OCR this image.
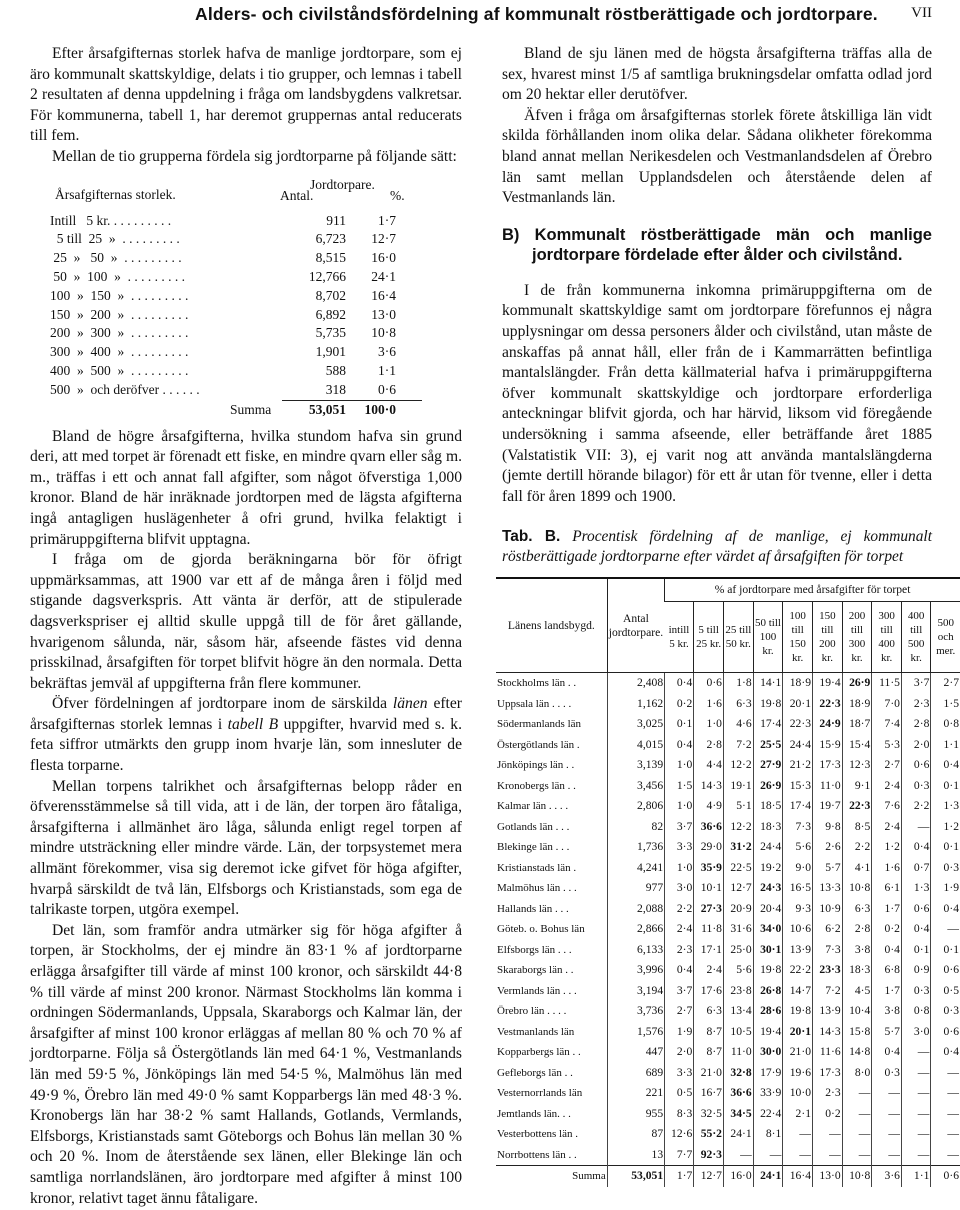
Alders- och civilståndsfördelning af kommunalt röstberättigade och jordtorpare. VII

Efter årsafgifternas storlek hafva de manlige jordtorpare, som ej äro kommunalt skattskyldige, delats i tio grupper, och lemnas i tabell 2 resultaten af denna uppdelning i fråga om landsbygdens valkretsar. För kommunerna, tabell 1, har deremot gruppernas antal reducerats till fem.

Mellan de tio grupperna fördela sig jordtorparne på följande sätt:

Jordtorpare.
Årsafgifternas storlek.	Antal.	%.
Intill   5 kr. . . . . . . . . .	911 1·7
5 till  25  »  . . . . . . . . .	6,723 12·7
25  »   50  »  . . . . . . . . .	8,515 16·0
50  »  100  »  . . . . . . . . .	12,766 24·1
100  »  150  »  . . . . . . . . .	8,702 16·4
150  »  200  »  . . . . . . . . .	6,892 13·0
200  »  300  »  . . . . . . . . .	5,735 10·8
300  »  400  »  . . . . . . . . .	1,901 3·6
400  »  500  »  . . . . . . . . .	588 1·1
500  »  och deröfver . . . . . .	318 0·6
Summa	53,051 100·0

Bland de högre årsafgifterna, hvilka stundom hafva sin grund deri, att med torpet är förenadt ett fiske, en mindre qvarn eller såg m. m., träffas i ett och annat fall afgifter, som något öfverstiga 1,000 kronor. Bland de här inräknade jordtorpen med de lägsta afgifterna ingå antagligen huslägenheter å ofri grund, hvilka felaktigt i primäruppgifterna blifvit upptagna.

I fråga om de gjorda beräkningarna bör för öfrigt uppmärksammas, att 1900 var ett af de många åren i följd med stigande dagsverkspris. Att vänta är derför, att de stipulerade dagsverkspriser ej alltid skulle uppgå till de för året gällande, hvarigenom sålunda, när, såsom här, afseende fästes vid denna prisskilnad, årsafgiften för torpet blifvit högre än den normala. Detta bekräftas jemväl af uppgifterna från flere kommuner.

Öfver fördelningen af jordtorpare inom de särskilda länen efter årsafgifternas storlek lemnas i tabell B uppgifter, hvarvid med s. k. feta siffror utmärkts den grupp inom hvarje län, som innesluter de flesta torparne.

Mellan torpens talrikhet och årsafgifternas belopp råder en öfverensstämmelse så till vida, att i de län, der torpen äro fåtaliga, årsafgifterna i allmänhet äro låga, sålunda enligt regel torpen af mindre utsträckning eller mindre värde. Län, der torpsystemet mera allmänt förekommer, visa sig deremot icke gifvet för höga afgifter, hvarpå särskildt de två län, Elfsborgs och Kristianstads, som ega de talrikaste torpen, utgöra exempel.

Det län, som framför andra utmärker sig för höga afgifter å torpen, är Stockholms, der ej mindre än 83·1 % af jordtorparne erlägga årsafgifter till värde af minst 100 kronor, och särskildt 44·8 % till värde af minst 200 kronor. Närmast Stockholms län komma i ordningen Södermanlands, Uppsala, Skaraborgs och Kalmar län, der årsafgifter af minst 100 kronor erläggas af mellan 80 % och 70 % af jordtorparne. Följa så Östergötlands län med 64·1 %, Vestmanlands län med 59·5 %, Jönköpings län med 54·5 %, Malmöhus län med 49·9 %, Örebro län med 49·0 % samt Kopparbergs län med 48·3 %. Kronobergs län har 38·2 % samt Hallands, Gotlands, Vermlands, Elfsborgs, Kristianstads samt Göteborgs och Bohus län mellan 30 % och 20 %. Inom de återstående sex länen, eller Blekinge län och samtliga norrlandslänen, äro jordtorpare med afgifter å minst 100 kronor, relativt taget ännu fåtaligare.

Bland de sju länen med de högsta årsafgifterna träffas alla de sex, hvarest minst 1/5 af samtliga brukningsdelar omfatta odlad jord om 20 hektar eller derutöfver.

Äfven i fråga om årsafgifternas storlek förete åtskilliga län vidt skilda förhållanden inom olika delar. Sådana olikheter förekomma bland annat mellan Nerikesdelen och Vestmanlandsdelen af Örebro län samt mellan Upplandsdelen och återstående delen af Vestmanlands län.

B) Kommunalt röstberättigade män och manlige jordtorpare fördelade efter ålder och civilstånd.

I de från kommunerna inkomna primäruppgifterna om de kommunalt skattskyldige samt om jordtorpare förefunnos ej några upplysningar om dessa personers ålder och civilstånd, utan måste de anskaffas på annat håll, eller från de i Kammarrätten befintliga mantalslängder. Från detta källmaterial hafva i primäruppgifterna öfver kommunalt skattskyldige och jordtorpare erforderliga anteckningar blifvit gjorda, och har härvid, liksom vid föregående undersökning i samma afseende, eller beträffande året 1885 (Valstatistik VII: 3), ej varit nog att använda mantalslängderna (jemte dertill hörande bilagor) för ett år utan för tvenne, eller i detta fall för åren 1899 och 1900.

Tab. B. Procentisk fördelning af de manlige, ej kommunalt röstberättigade jordtorparne efter värdet af årsafgiften för torpet
Länens landsbygd.	Antal jordtorpare.	% af jordtorpare med årsafgifter för torpet									
		intill 5 kr.	5 till 25 kr.	25 till 50 kr.	50 till 100 kr.	100 till 150 kr.	150 till 200 kr.	200 till 300 kr.	300 till 400 kr.	400 till 500 kr.	500 och mer.
Stockholms län . .	2,408	0·4	0·6	1·8	14·1	18·9	19·4	26·9	11·5	3·7	2·7
Uppsala län . . . .	1,162	0·2	1·6	6·3	19·8	20·1	22·3	18·9	7·0	2·3	1·5
Södermanlands län	3,025	0·1	1·0	4·6	17·4	22·3	24·9	18·7	7·4	2·8	0·8
Östergötlands län .	4,015	0·4	2·8	7·2	25·5	24·4	15·9	15·4	5·3	2·0	1·1
Jönköpings län . .	3,139	1·0	4·4	12·2	27·9	21·2	17·3	12·3	2·7	0·6	0·4
Kronobergs län . .	3,456	1·5	14·3	19·1	26·9	15·3	11·0	9·1	2·4	0·3	0·1
Kalmar län . . . .	2,806	1·0	4·9	5·1	18·5	17·4	19·7	22·3	7·6	2·2	1·3
Gotlands län . . .	82	3·7	36·6	12·2	18·3	7·3	9·8	8·5	2·4	—	1·2
Blekinge län . . .	1,736	3·3	29·0	31·2	24·4	5·6	2·6	2·2	1·2	0·4	0·1
Kristianstads län .	4,241	1·0	35·9	22·5	19·2	9·0	5·7	4·1	1·6	0·7	0·3
Malmöhus län . . .	977	3·0	10·1	12·7	24·3	16·5	13·3	10·8	6·1	1·3	1·9
Hallands län . . .	2,088	2·2	27·3	20·9	20·4	9·3	10·9	6·3	1·7	0·6	0·4
Göteb. o. Bohus län	2,866	2·4	11·8	31·6	34·0	10·6	6·2	2·8	0·2	0·4	—
Elfsborgs län . . .	6,133	2·3	17·1	25·0	30·1	13·9	7·3	3·8	0·4	0·1	0·1
Skaraborgs län . .	3,996	0·4	2·4	5·6	19·8	22·2	23·3	18·3	6·8	0·9	0·6
Vermlands län . . .	3,194	3·7	17·6	23·8	26·8	14·7	7·2	4·5	1·7	0·3	0·5
Örebro län . . . .	3,736	2·7	6·3	13·4	28·6	19·8	13·9	10·4	3·8	0·8	0·3
Vestmanlands län	1,576	1·9	8·7	10·5	19·4	20·1	14·3	15·8	5·7	3·0	0·6
Kopparbergs län . .	447	2·0	8·7	11·0	30·0	21·0	11·6	14·8	0·4	—	0·4
Gefleborgs län . .	689	3·3	21·0	32·8	17·9	19·6	17·3	8·0	0·3	—	—
Vesternorrlands län	221	0·5	16·7	36·6	33·9	10·0	2·3	—	—	—	—
Jemtlands län. . .	955	8·3	32·5	34·5	22·4	2·1	0·2	—	—	—	—
Vesterbottens län .	87	12·6	55·2	24·1	8·1	—	—	—	—	—	—
Norrbottens län . .	13	7·7	92·3	—	—	—	—	—	—	—	—
Summa	53,051	1·7	12·7	16·0	24·1	16·4	13·0	10·8	3·6	1·1	0·6
